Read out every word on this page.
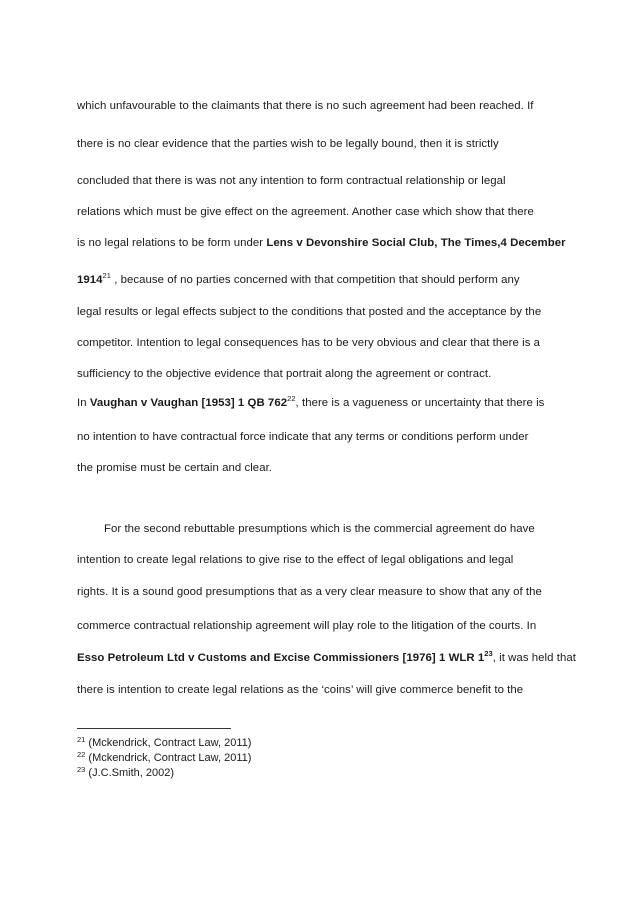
which unfavourable to the claimants that there is no such agreement had been reached. If
there is no clear evidence that the parties wish to be legally bound, then it is strictly
concluded that there is was not any intention to form contractual relationship or legal
relations which must be give effect on the agreement. Another case which show that there
is no legal relations to be form under Lens v Devonshire Social Club, The Times,4 December
1914$^{21}$ , because of no parties concerned with that competition that should perform any
legal results or legal effects subject to the conditions that posted and the acceptance by the
competitor. Intention to legal consequences has to be very obvious and clear that there is a
sufficiency to the objective evidence that portrait along the agreement or contract.
In Vaughan v Vaughan [1953] 1 QB $762^{22}$, there is a vagueness or uncertainty that there is
no intention to have contractual force indicate that any terms or conditions perform under
the promise must be certain and clear.
For the second rebuttable presumptions which is the commercial agreement do have
intention to create legal relations to give rise to the effect of legal obligations and legal
rights. It is a sound good presumptions that as a very clear measure to show that any of the
commerce contractual relationship agreement will play role to the litigation of the courts. In
Esso Petroleum Ltd v Customs and Excise Commissioners [1976] 1 WLR $1^{23}$, it was held that
there is intention to create legal relations as the ‘coins’ will give commerce benefit to the
$^{21}$ (Mckendrick, Contract Law, 2011)
$^{22}$ (Mckendrick, Contract Law, 2011)
$^{23}$ (J.C.Smith, 2002)
